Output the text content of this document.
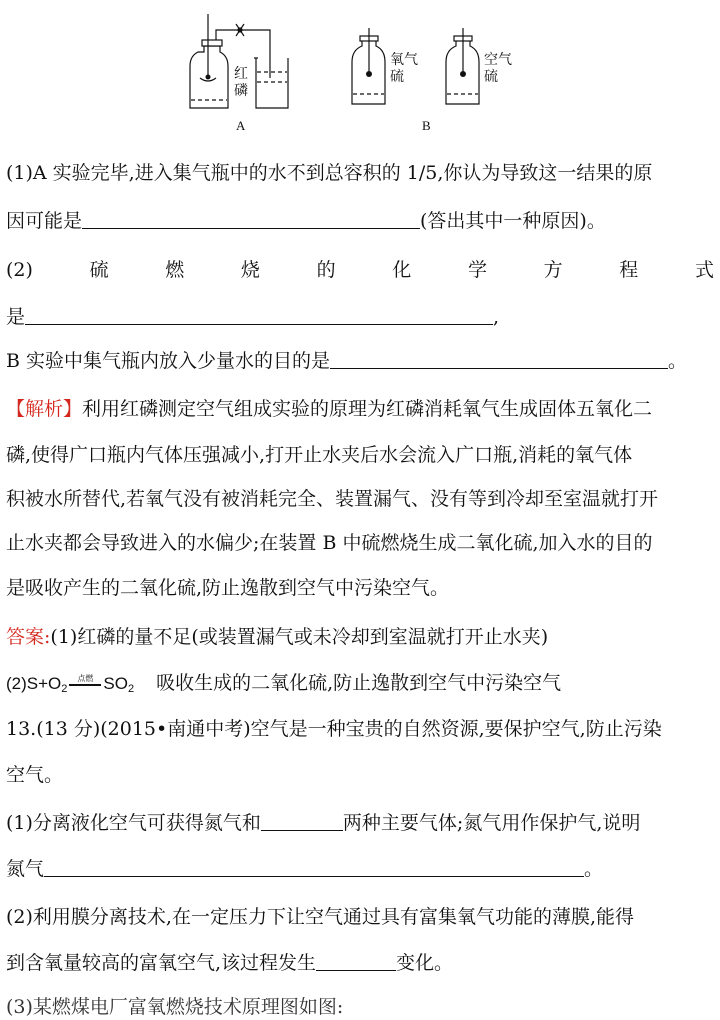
红
磷
氧气
硫
空气
硫
A	B
(1)A 实验完毕,进入集气瓶中的水不到总容积的 1/5,你认为导致这一结果的原
因可能是	(答出其中一种原因)。
(2)	硫	燃	烧	的	化	学	方	程	式
是	,
B 实验中集气瓶内放入少量水的目的是	。
【解析】利用红磷测定空气组成实验的原理为红磷消耗氧气生成固体五氧化二
磷,使得广口瓶内气体压强减小,打开止水夹后水会流入广口瓶,消耗的氧气体
积被水所替代,若氧气没有被消耗完全、装置漏气、没有等到冷却至室温就打开
止水夹都会导致进入的水偏少;在装置 B 中硫燃烧生成二氧化硫,加入水的目的
是吸收产生的二氧化硫,防止逸散到空气中污染空气。
答案:(1)红磷的量不足(或装置漏气或未冷却到室温就打开止水夹)
$(2)S+O_2^{点燃}$ $SO_2$ 吸收生成的二氧化硫,防止逸散到空气中污染空气
13.(13 分)(2015•南通中考)空气是一种宝贵的自然资源,要保护空气,防止污染
空气。
(1)分离液化空气可获得氮气和	两种主要气体;氮气用作保护气,说明
氮气	。
(2)利用膜分离技术,在一定压力下让空气通过具有富集氧气功能的薄膜,能得
到含氧量较高的富氧空气,该过程发生	变化。
(3)某燃煤电厂富氧燃烧技术原理图如图:
